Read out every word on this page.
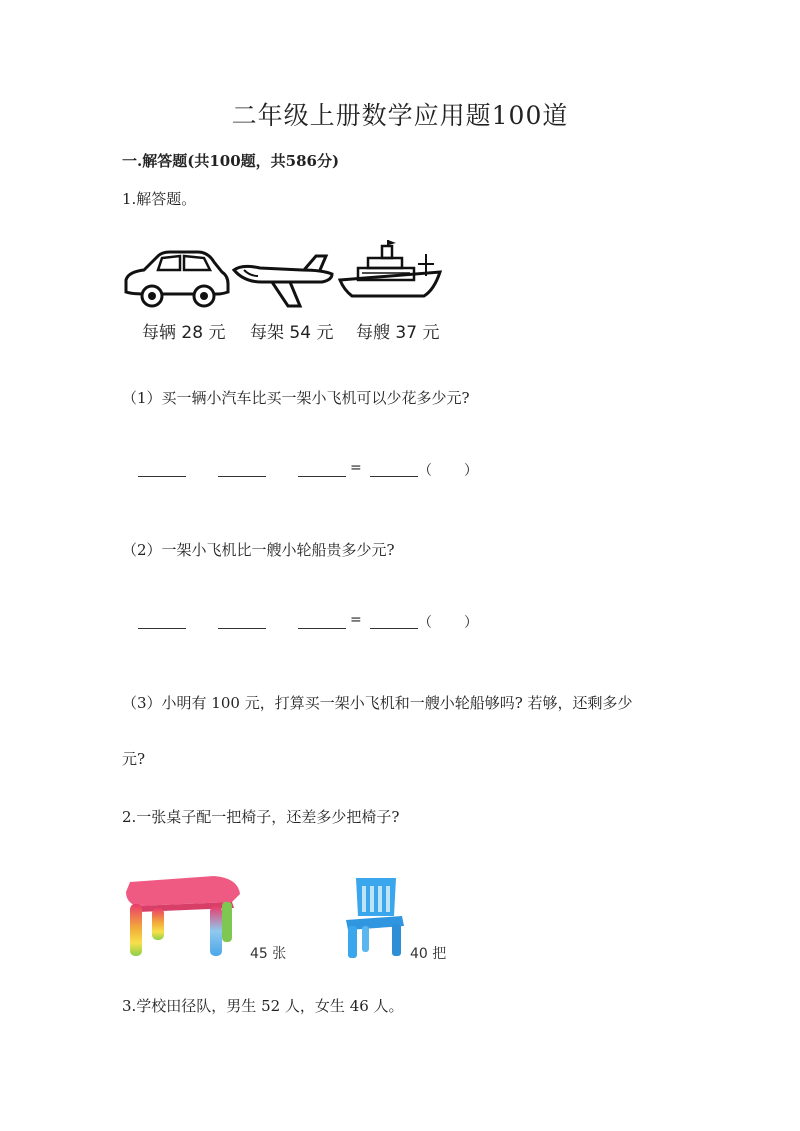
二年级上册数学应用题100道
一.解答题(共100题，共586分)
1.解答题。
每辆 28 元 每架 54 元 每艘 37 元
（1）买一辆小汽车比买一架小飞机可以少花多少元?
=	（ ）
（2）一架小飞机比一艘小轮船贵多少元?
=	（ ）
（3）小明有 100 元，打算买一架小飞机和一艘小轮船够吗? 若够，还剩多少
元?
2.一张桌子配一把椅子，还差多少把椅子?
45 张	40 把
3.学校田径队，男生 52 人，女生 46 人。
